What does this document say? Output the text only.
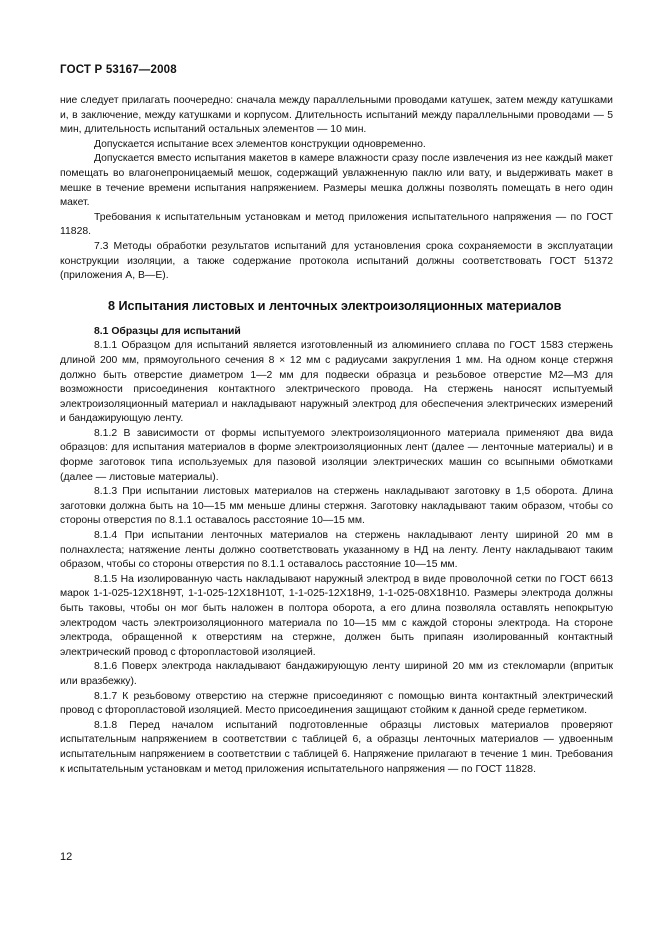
ГОСТ Р 53167—2008

ние следует прилагать поочередно: сначала между параллельными проводами катушек, затем между катушками и, в заключение, между катушками и корпусом. Длительность испытаний между параллельными проводами — 5 мин, длительность испытаний остальных элементов — 10 мин.

Допускается испытание всех элементов конструкции одновременно.

Допускается вместо испытания макетов в камере влажности сразу после извлечения из нее каждый макет помещать во влагонепроницаемый мешок, содержащий увлажненную паклю или вату, и выдерживать макет в мешке в течение времени испытания напряжением. Размеры мешка должны позволять помещать в него один макет.

Требования к испытательным установкам и метод приложения испытательного напряжения — по ГОСТ 11828.

7.3 Методы обработки результатов испытаний для установления срока сохраняемости в эксплуатации конструкции изоляции, а также содержание протокола испытаний должны соответствовать ГОСТ 51372 (приложения А, В—Е).

8 Испытания листовых и ленточных электроизоляционных материалов

8.1 Образцы для испытаний

8.1.1 Образцом для испытаний является изготовленный из алюминиего сплава по ГОСТ 1583 стержень длиной 200 мм, прямоугольного сечения 8 × 12 мм с радиусами закругления 1 мм. На одном конце стержня должно быть отверстие диаметром 1—2 мм для подвески образца и резьбовое отверстие М2—М3 для возможности присоединения контактного электрического провода. На стержень наносят испытуемый электроизоляционный материал и накладывают наружный электрод для обеспечения электрических измерений и бандажирующую ленту.

8.1.2 В зависимости от формы испытуемого электроизоляционного материала применяют два вида образцов: для испытания материалов в форме электроизоляционных лент (далее — ленточные материалы) и в форме заготовок типа используемых для пазовой изоляции электрических машин со всыпными обмотками (далее — листовые материалы).

8.1.3 При испытании листовых материалов на стержень накладывают заготовку в 1,5 оборота. Длина заготовки должна быть на 10—15 мм меньше длины стержня. Заготовку накладывают таким образом, чтобы со стороны отверстия по 8.1.1 оставалось расстояние 10—15 мм.

8.1.4 При испытании ленточных материалов на стержень накладывают ленту шириной 20 мм в полнахлеста; натяжение ленты должно соответствовать указанному в НД на ленту. Ленту накладывают таким образом, чтобы со стороны отверстия по 8.1.1 оставалось расстояние 10—15 мм.

8.1.5 На изолированную часть накладывают наружный электрод в виде проволочной сетки по ГОСТ 6613 марок 1-1-025-12Х18Н9Т, 1-1-025-12Х18Н10Т, 1-1-025-12Х18Н9, 1-1-025-08Х18Н10. Размеры электрода должны быть таковы, чтобы он мог быть наложен в полтора оборота, а его длина позволяла оставлять непокрытую электродом часть электроизоляционного материала по 10—15 мм с каждой стороны электрода. На стороне электрода, обращенной к отверстиям на стержне, должен быть припаян изолированный контактный электрический провод с фторопластовой изоляцией.

8.1.6 Поверх электрода накладывают бандажирующую ленту шириной 20 мм из стекломарли (впритык или вразбежку).

8.1.7 К резьбовому отверстию на стержне присоединяют с помощью винта контактный электрический провод с фторопластовой изоляцией. Место присоединения защищают стойким к данной среде герметиком.

8.1.8 Перед началом испытаний подготовленные образцы листовых материалов проверяют испытательным напряжением в соответствии с таблицей 6, а образцы ленточных материалов — удвоенным испытательным напряжением в соответствии с таблицей 6. Напряжение прилагают в течение 1 мин. Требования к испытательным установкам и метод приложения испытательного напряжения — по ГОСТ 11828.

12
